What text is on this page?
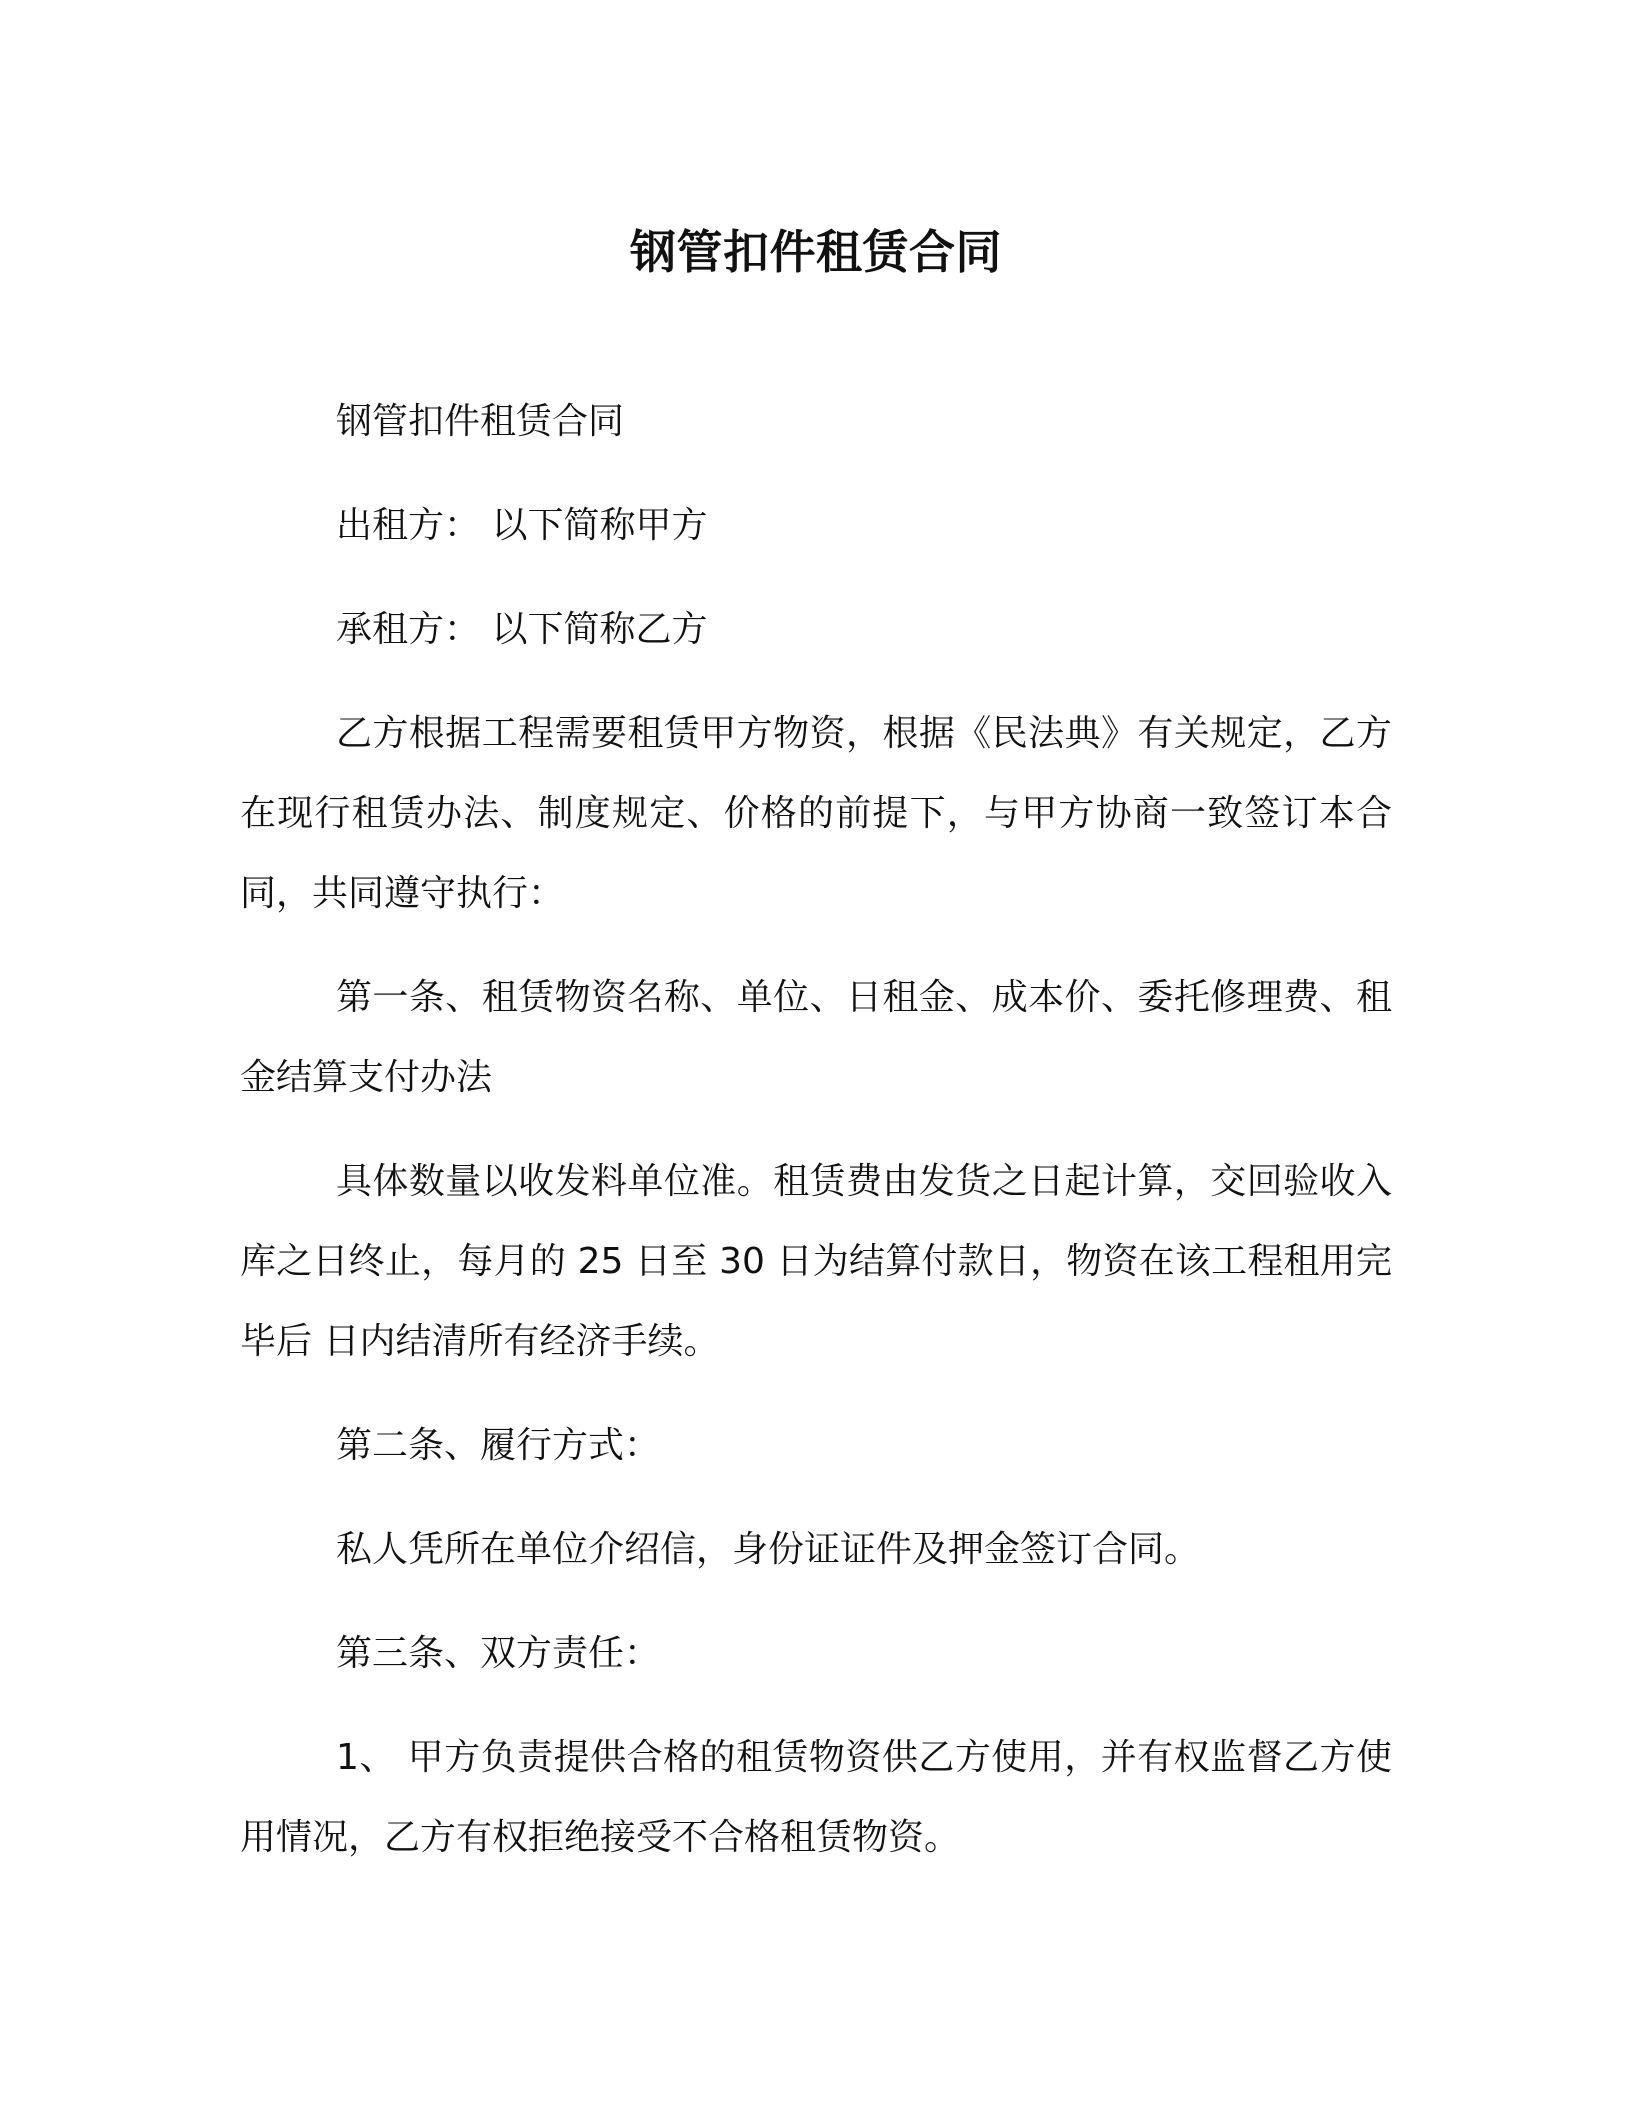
钢管扣件租赁合同

钢管扣件租赁合同

出租方： 以下简称甲方

承租方： 以下简称乙方

乙方根据工程需要租赁甲方物资，根据《民法典》有关规定，乙方在现行租赁办法、制度规定、价格的前提下，与甲方协商一致签订本合同，共同遵守执行：

第一条、租赁物资名称、单位、日租金、成本价、委托修理费、租金结算支付办法

具体数量以收发料单位准。租赁费由发货之日起计算，交回验收入库之日终止，每月的 25 日至 30 日为结算付款日，物资在该工程租用完毕后 日内结清所有经济手续。

第二条、履行方式：

私人凭所在单位介绍信，身份证证件及押金签订合同。

第三条、双方责任：

1、 甲方负责提供合格的租赁物资供乙方使用，并有权监督乙方使用情况，乙方有权拒绝接受不合格租赁物资。
